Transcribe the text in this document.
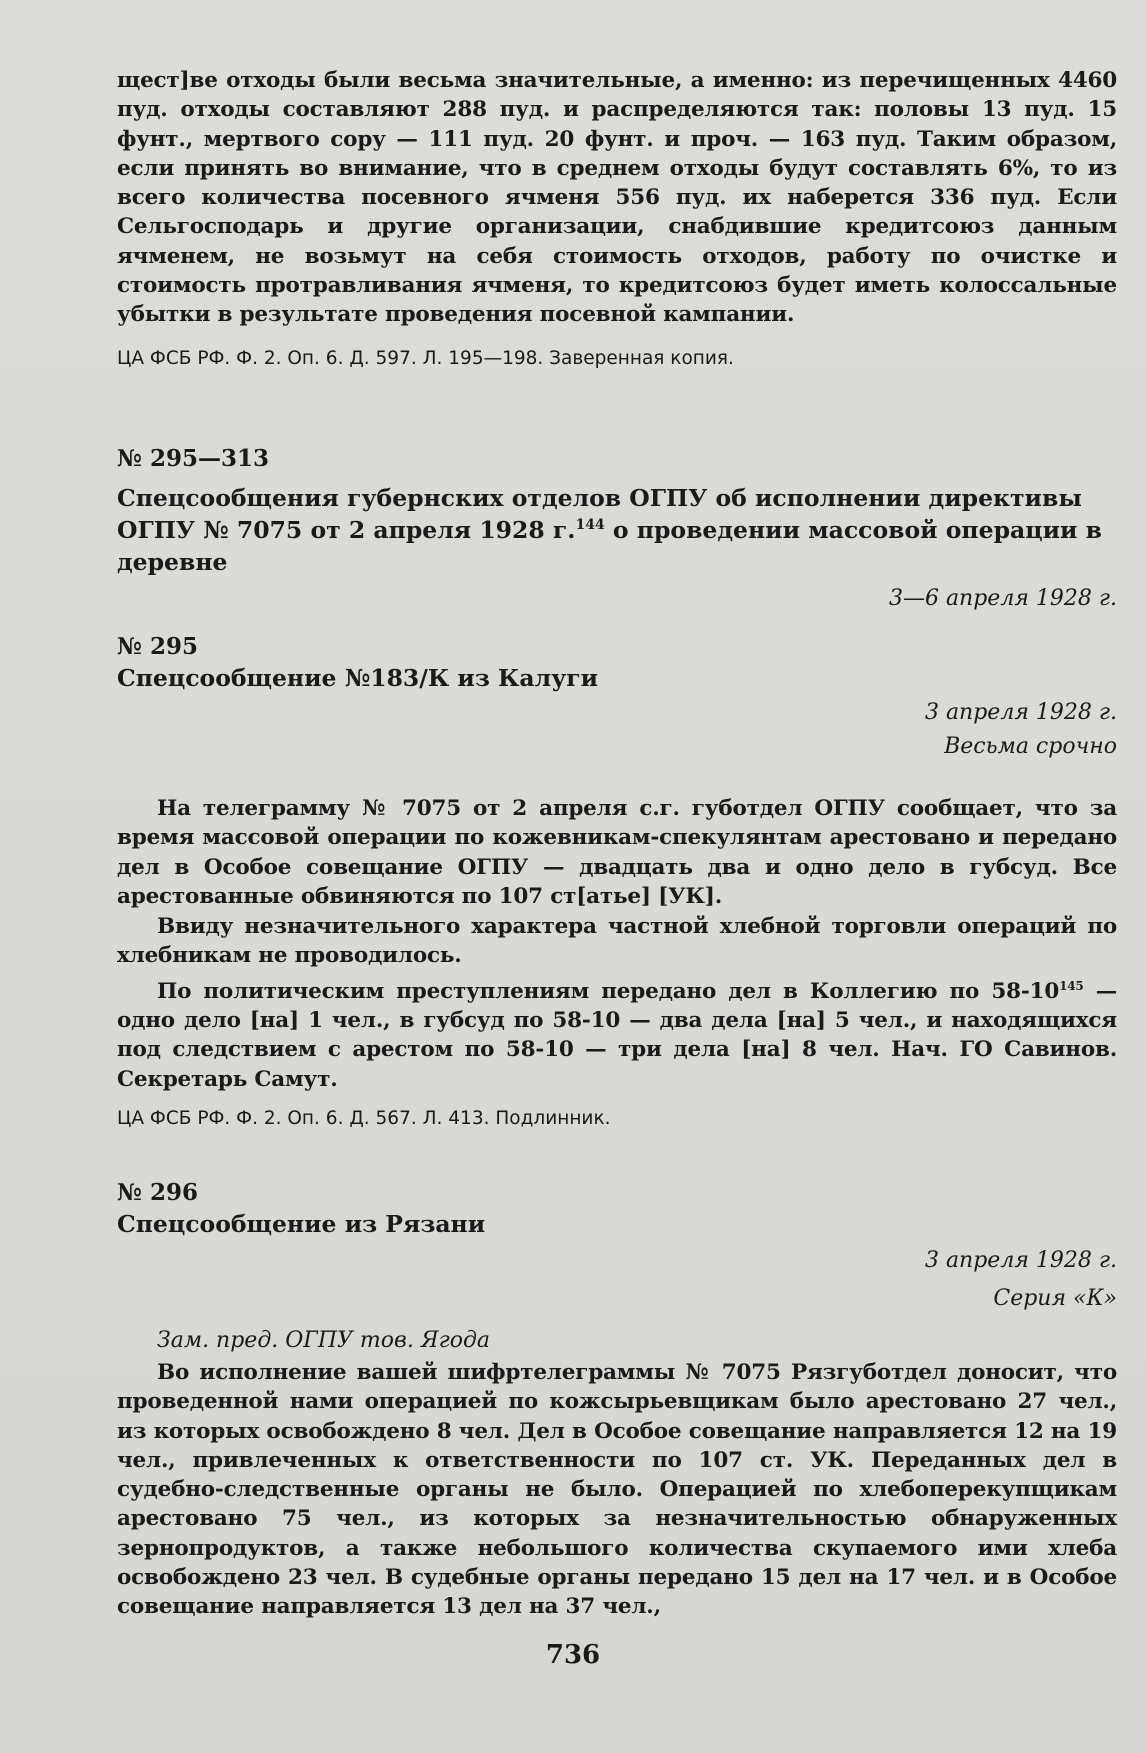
щест]ве отходы были весьма значительные, а именно: из перечищенных 4460 пуд. отходы составляют 288 пуд. и распределяются так: половы 13 пуд. 15 фунт., мертвого сору — 111 пуд. 20 фунт. и проч. — 163 пуд. Таким образом, если принять во внимание, что в среднем отходы будут составлять 6%, то из всего количества посевного ячменя 556 пуд. их наберется 336 пуд. Если Сельгосподарь и другие организации, снабдившие кредитсоюз данным ячменем, не возьмут на себя стоимость отходов, работу по очистке и стоимость протравливания ячменя, то кредитсоюз будет иметь колоссальные убытки в результате проведения посевной кампании.

ЦА ФСБ РФ. Ф. 2. Оп. 6. Д. 597. Л. 195—198. Заверенная копия.

№ 295—313

Спецсообщения губернских отделов ОГПУ об исполнении директивы ОГПУ № 7075 от 2 апреля 1928 г.$^{144}$ о проведении массовой операции в деревне

3—6 апреля 1928 г.

№ 295

Спецсообщение №183/К из Калуги

3 апреля 1928 г.

Весьма срочно

На телеграмму № 7075 от 2 апреля с.г. губотдел ОГПУ сообщает, что за время массовой операции по кожевникам-спекулянтам арестовано и передано дел в Особое совещание ОГПУ — двадцать два и одно дело в губсуд. Все арестованные обвиняются по 107 ст[атье] [УК].

Ввиду незначительного характера частной хлебной торговли операций по хлебникам не проводилось.

По политическим преступлениям передано дел в Коллегию по $58-10^{145}$ — одно дело [на] 1 чел., в губсуд по 58-10 — два дела [на] 5 чел., и находящихся под следствием с арестом по 58-10 — три дела [на] 8 чел. Нач. ГО Савинов. Секретарь Самут.

ЦА ФСБ РФ. Ф. 2. Оп. 6. Д. 567. Л. 413. Подлинник.

№ 296

Спецсообщение из Рязани

3 апреля 1928 г.

Серия «К»

Зам. пред. ОГПУ тов. Ягода

Во исполнение вашей шифртелеграммы № 7075 Рязгуботдел доносит, что проведенной нами операцией по кожсырьевщикам было арестовано 27 чел., из которых освобождено 8 чел. Дел в Особое совещание направляется 12 на 19 чел., привлеченных к ответственности по 107 ст. УК. Переданных дел в судебно-следственные органы не было. Операцией по хлебоперекупщикам арестовано 75 чел., из которых за незначительностью обнаруженных зернопродуктов, а также небольшого количества скупаемого ими хлеба освобождено 23 чел. В судебные органы передано 15 дел на 17 чел. и в Особое совещание направляется 13 дел на 37 чел.,

736
